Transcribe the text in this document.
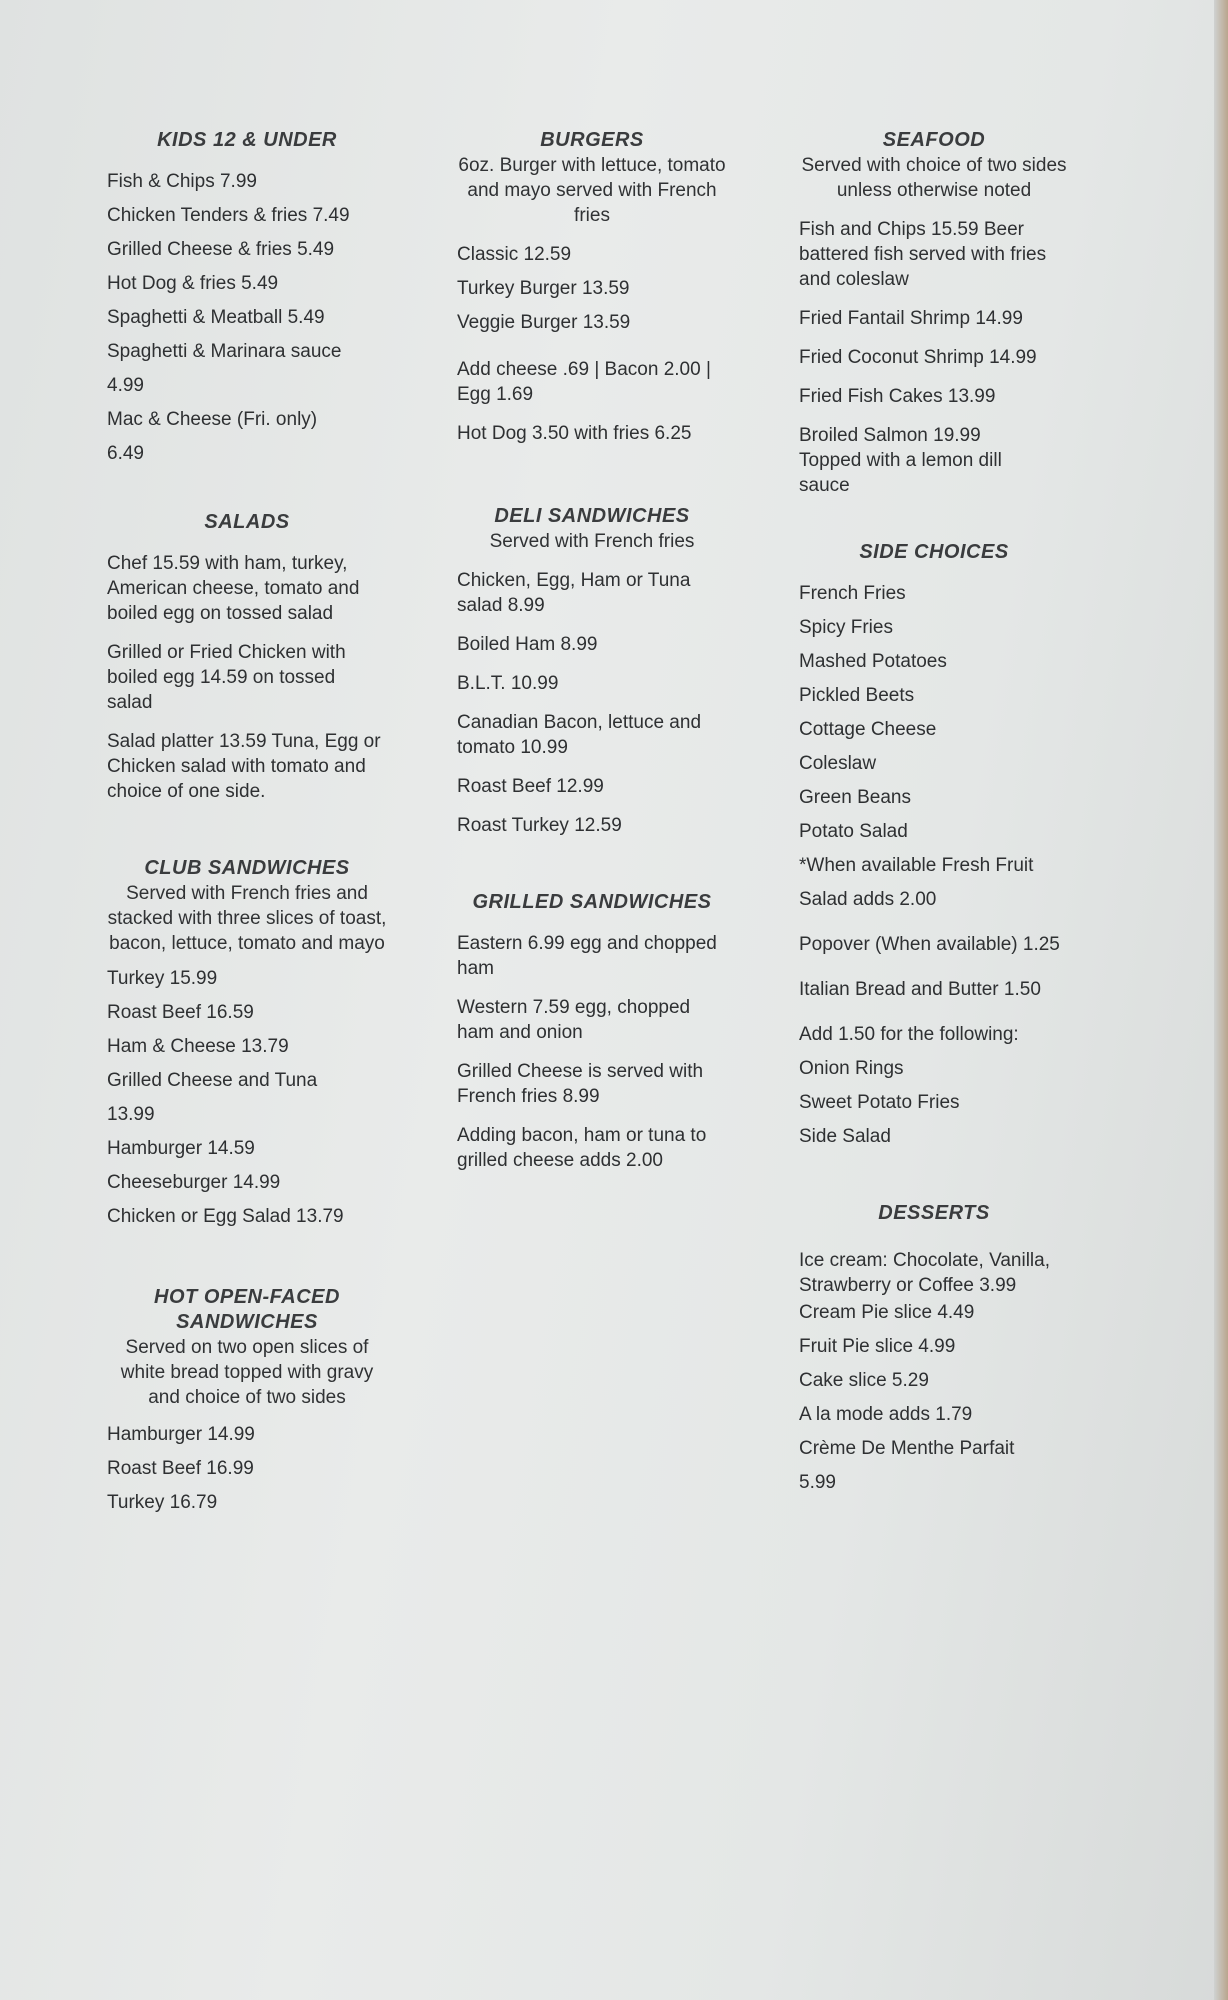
KIDS 12 & UNDER
Fish & Chips 7.99
Chicken Tenders & fries 7.49
Grilled Cheese & fries 5.49
Hot Dog & fries 5.49
Spaghetti & Meatball 5.49
Spaghetti & Marinara sauce
4.99
Mac & Cheese (Fri. only)
6.49
SALADS
Chef 15.59 with ham, turkey, American cheese, tomato and boiled egg on tossed salad
Grilled or Fried Chicken with boiled egg 14.59 on tossed salad
Salad platter 13.59 Tuna, Egg or Chicken salad with tomato and choice of one side.
CLUB SANDWICHES
Served with French fries and stacked with three slices of toast, bacon, lettuce, tomato and mayo
Turkey 15.99
Roast Beef 16.59
Ham & Cheese 13.79
Grilled Cheese and Tuna
13.99
Hamburger 14.59
Cheeseburger 14.99
Chicken or Egg Salad 13.79
HOT OPEN-FACED SANDWICHES
Served on two open slices of white bread topped with gravy and choice of two sides
Hamburger 14.99
Roast Beef 16.99
Turkey 16.79
BURGERS
6oz. Burger with lettuce, tomato and mayo served with French fries
Classic 12.59
Turkey Burger 13.59
Veggie Burger 13.59
Add cheese .69 | Bacon 2.00 | Egg 1.69
Hot Dog 3.50 with fries 6.25
DELI SANDWICHES
Served with French fries
Chicken, Egg, Ham or Tuna salad 8.99
Boiled Ham 8.99
B.L.T. 10.99
Canadian Bacon, lettuce and tomato 10.99
Roast Beef 12.99
Roast Turkey 12.59
GRILLED SANDWICHES
Eastern 6.99 egg and chopped ham
Western 7.59 egg, chopped ham and onion
Grilled Cheese is served with French fries 8.99
Adding bacon, ham or tuna to grilled cheese adds 2.00
SEAFOOD
Served with choice of two sides unless otherwise noted
Fish and Chips 15.59 Beer battered fish served with fries and coleslaw
Fried Fantail Shrimp 14.99
Fried Coconut Shrimp 14.99
Fried Fish Cakes 13.99
Broiled Salmon 19.99 Topped with a lemon dill sauce
SIDE CHOICES
French Fries
Spicy Fries
Mashed Potatoes
Pickled Beets
Cottage Cheese
Coleslaw
Green Beans
Potato Salad
*When available Fresh Fruit
Salad adds 2.00
Popover (When available) 1.25
Italian Bread and Butter 1.50
Add 1.50 for the following:
Onion Rings
Sweet Potato Fries
Side Salad
DESSERTS
Ice cream: Chocolate, Vanilla, Strawberry or Coffee 3.99
Cream Pie slice 4.49
Fruit Pie slice 4.99
Cake slice 5.29
A la mode adds 1.79
Crème De Menthe Parfait
5.99
